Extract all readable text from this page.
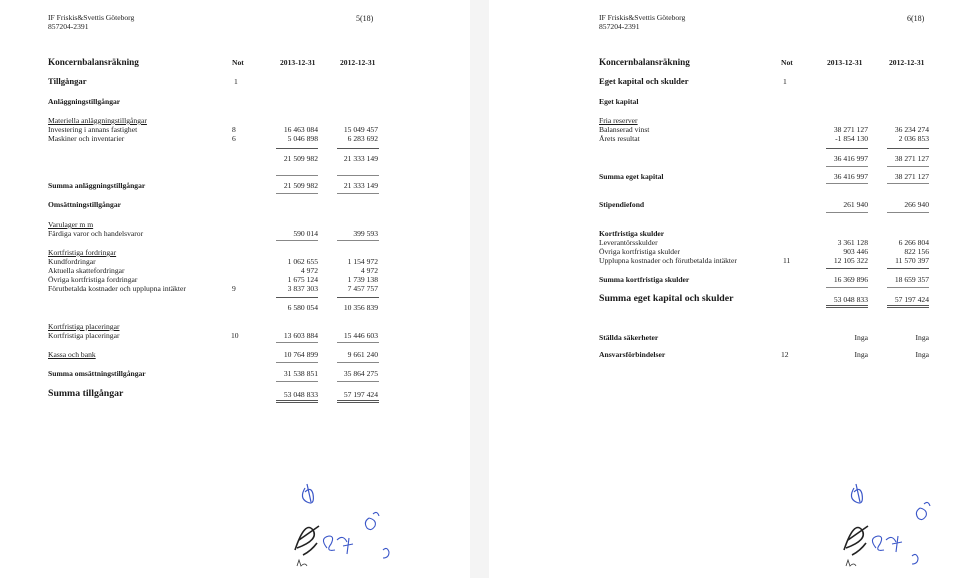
IF Friskis&Svettis Göteborg
857204-2391
5(18)
Koncernbalansräkning	Not	2013-12-31	2012-12-31
Tillgångar	1
Anläggningstillgångar
Materiella anläggningstillgångar
Investering i annans fastighet	8	16 463 084	15 049 457
Maskiner och inventarier	6	5 046 898	6 283 692
21 509 982	21 333 149
Summa anläggningstillgångar	21 509 982	21 333 149
Omsättningstillgångar
Varulager m m
Färdiga varor och handelsvaror	590 014	399 593
Kortfristiga fordringar
Kundfordringar	1 062 655	1 154 972
Aktuella skattefordringar	4 972	4 972
Övriga kortfristiga fordringar	1 675 124	1 739 138
Förutbetalda kostnader och upplupna intäkter	9	3 837 303	7 457 757
6 580 054	10 356 839
Kortfristiga placeringar
Kortfristiga placeringar	10	13 603 884	15 446 603
Kassa och bank	10 764 899	9 661 240
Summa omsättningstillgångar	31 538 851	35 864 275
Summa tillgångar	53 048 833	57 197 424
IF Friskis&Svettis Göteborg
857204-2391
6(18)
Koncernbalansräkning	Not	2013-12-31	2012-12-31
Eget kapital och skulder	1
Eget kapital
Fria reserver
Balanserad vinst	38 271 127	36 234 274
Årets resultat	-1 854 130	2 036 853
36 416 997	38 271 127
Summa eget kapital	36 416 997	38 271 127
Stipendiefond	261 940	266 940
Kortfristiga skulder
Leverantörsskulder	3 361 128	6 266 804
Övriga kortfristiga skulder	903 446	822 156
Upplupna kostnader och förutbetalda intäkter	11	12 105 322	11 570 397
Summa kortfristiga skulder	16 369 896	18 659 357
Summa eget kapital och skulder	53 048 833	57 197 424
Ställda säkerheter	Inga	Inga
Ansvarsförbindelser	12	Inga	Inga
